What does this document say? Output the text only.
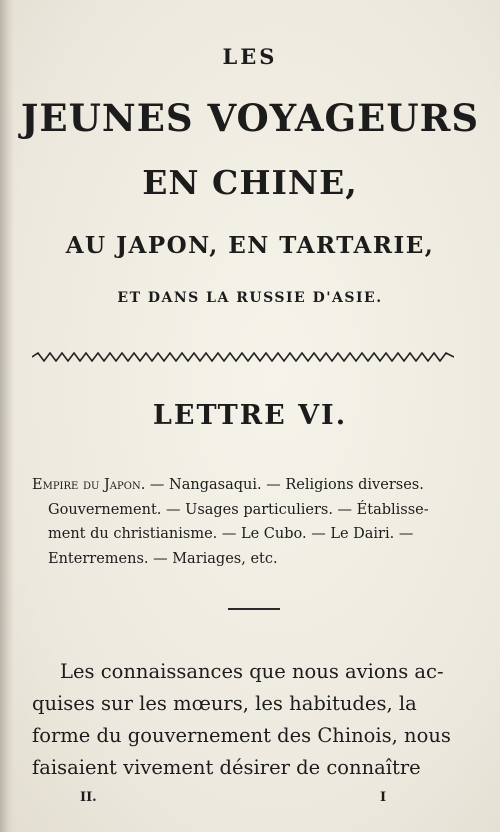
LES
JEUNES VOYAGEURS
EN CHINE,
AU JAPON, EN TARTARIE,
ET DANS LA RUSSIE D'ASIE.
LETTRE VI.
Empire du Japon. — Nangasaqui. — Religions diverses.
Gouvernement. — Usages particuliers. — Établisse-
ment du christianisme. — Le Cubo. — Le Dairi. —
Enterremens. — Mariages, etc.
Les connaissances que nous avions ac-
quises sur les mœurs, les habitudes, la
forme du gouvernement des Chinois, nous
faisaient vivement désirer de connaître
II.	I
